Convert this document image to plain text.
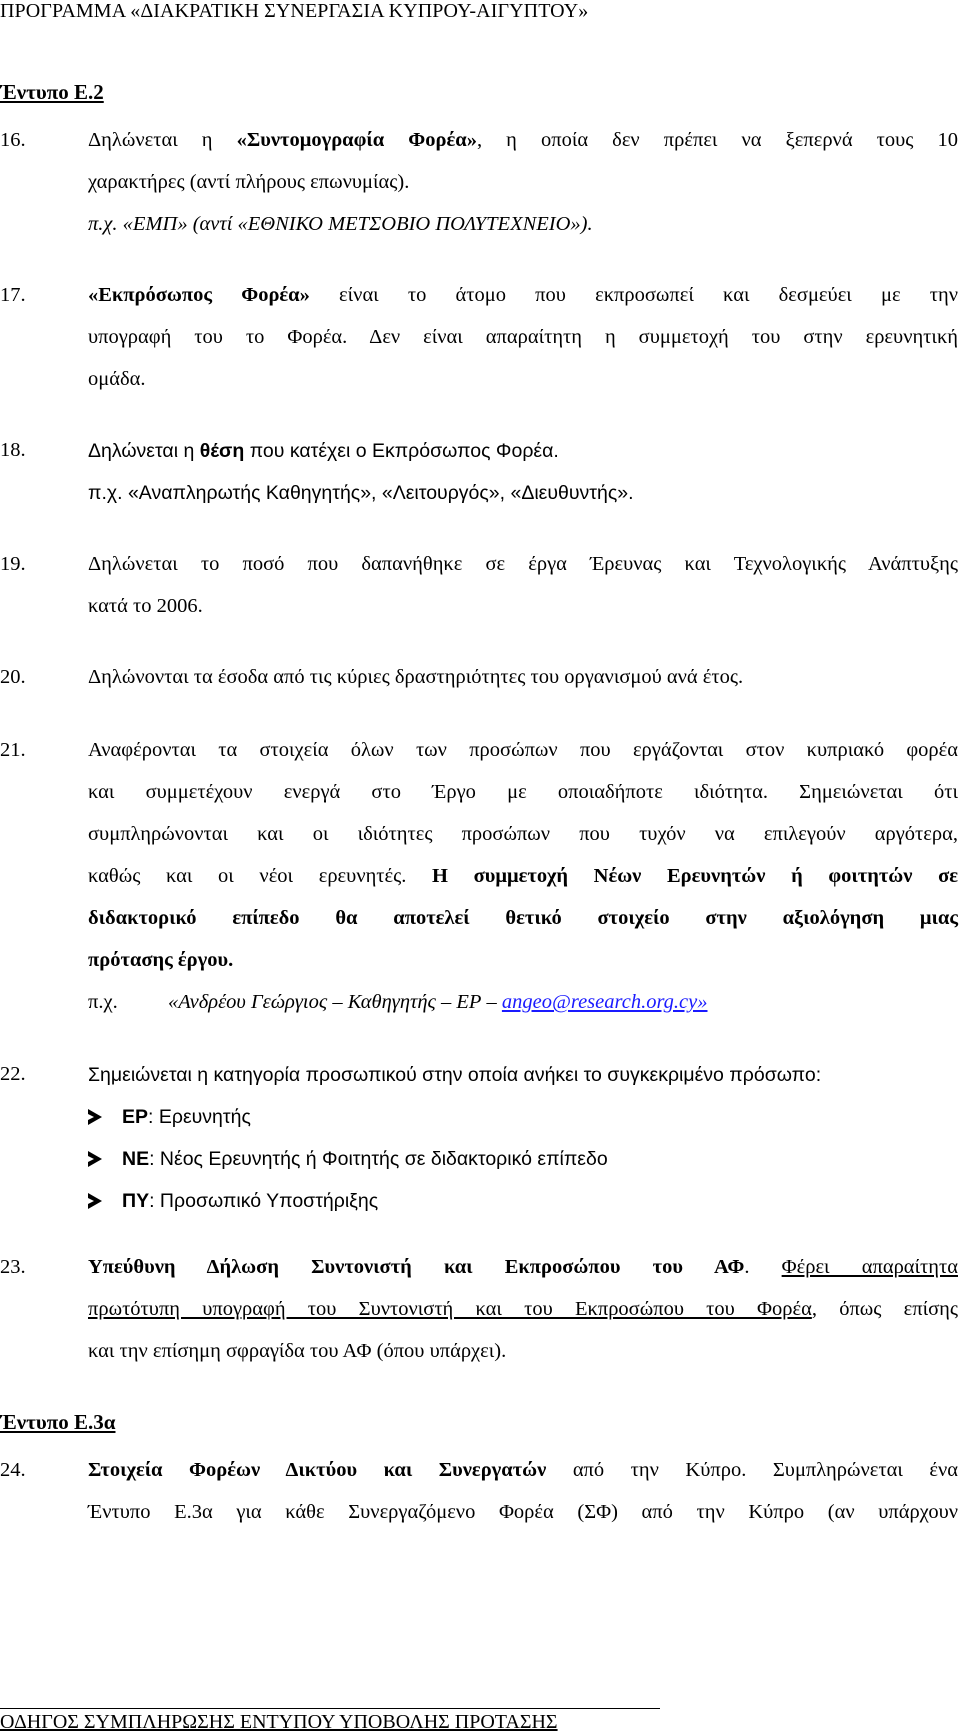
ΠΡΟΓΡΑΜΜΑ «ΔΙΑΚΡΑΤΙΚΗ ΣΥΝΕΡΓΑΣΙΑ ΚΥΠΡΟΥ-ΑΙΓΥΠΤΟΥ»
Έντυπο Ε.2
16.	Δηλώνεται η «Συντομογραφία Φορέα», η οποία δεν πρέπει να ξεπερνά τους 10
χαρακτήρες (αντί πλήρους επωνυμίας).
π.χ. «ΕΜΠ» (αντί «ΕΘΝΙΚΟ ΜΕΤΣΟΒΙΟ ΠΟΛΥΤΕΧΝΕΙΟ»).
17.	«Εκπρόσωπος Φορέα» είναι το άτομο που εκπροσωπεί και δεσμεύει με την
υπογραφή του το Φορέα. Δεν είναι απαραίτητη η συμμετοχή του στην ερευνητική
ομάδα.
18.	Δηλώνεται η θέση που κατέχει ο Εκπρόσωπος Φορέα.
π.χ. «Αναπληρωτής Καθηγητής», «Λειτουργός», «Διευθυντής».
19.	Δηλώνεται το ποσό που δαπανήθηκε σε έργα Έρευνας και Τεχνολογικής Ανάπτυξης
κατά το 2006.
20.	Δηλώνονται τα έσοδα από τις κύριες δραστηριότητες του οργανισμού ανά έτος.
21.	Αναφέρονται τα στοιχεία όλων των προσώπων που εργάζονται στον κυπριακό φορέα
και συμμετέχουν ενεργά στο Έργο με οποιαδήποτε ιδιότητα. Σημειώνεται ότι
συμπληρώνονται και οι ιδιότητες προσώπων που τυχόν να επιλεγούν αργότερα,
καθώς και οι νέοι ερευνητές. Η συμμετοχή Νέων Ερευνητών ή φοιτητών σε
διδακτορικό επίπεδο θα αποτελεί θετικό στοιχείο στην αξιολόγηση μιας
πρότασης έργου.
π.χ. «Ανδρέου Γεώργιος – Καθηγητής – ΕΡ – angeo@research.org.cy»
22.	Σημειώνεται η κατηγορία προσωπικού στην οποία ανήκει το συγκεκριμένο πρόσωπο:
ΕΡ: Ερευνητής
ΝΕ: Νέος Ερευνητής ή Φοιτητής σε διδακτορικό επίπεδο
ΠΥ: Προσωπικό Υποστήριξης
23.	Υπεύθυνη Δήλωση Συντονιστή και Εκπροσώπου του ΑΦ. Φέρει απαραίτητα
πρωτότυπη υπογραφή του Συντονιστή και του Εκπροσώπου του Φορέα, όπως επίσης
και την επίσημη σφραγίδα του ΑΦ (όπου υπάρχει).
Έντυπο Ε.3α
24.	Στοιχεία Φορέων Δικτύου και Συνεργατών από την Κύπρο. Συμπληρώνεται ένα
Έντυπο Ε.3α για κάθε Συνεργαζόμενο Φορέα (ΣΦ) από την Κύπρο (αν υπάρχουν
ΟΔΗΓΟΣ ΣΥΜΠΛΗΡΩΣΗΣ ΕΝΤΥΠΟΥ ΥΠΟΒΟΛΗΣ ΠΡΟΤΑΣΗΣ
